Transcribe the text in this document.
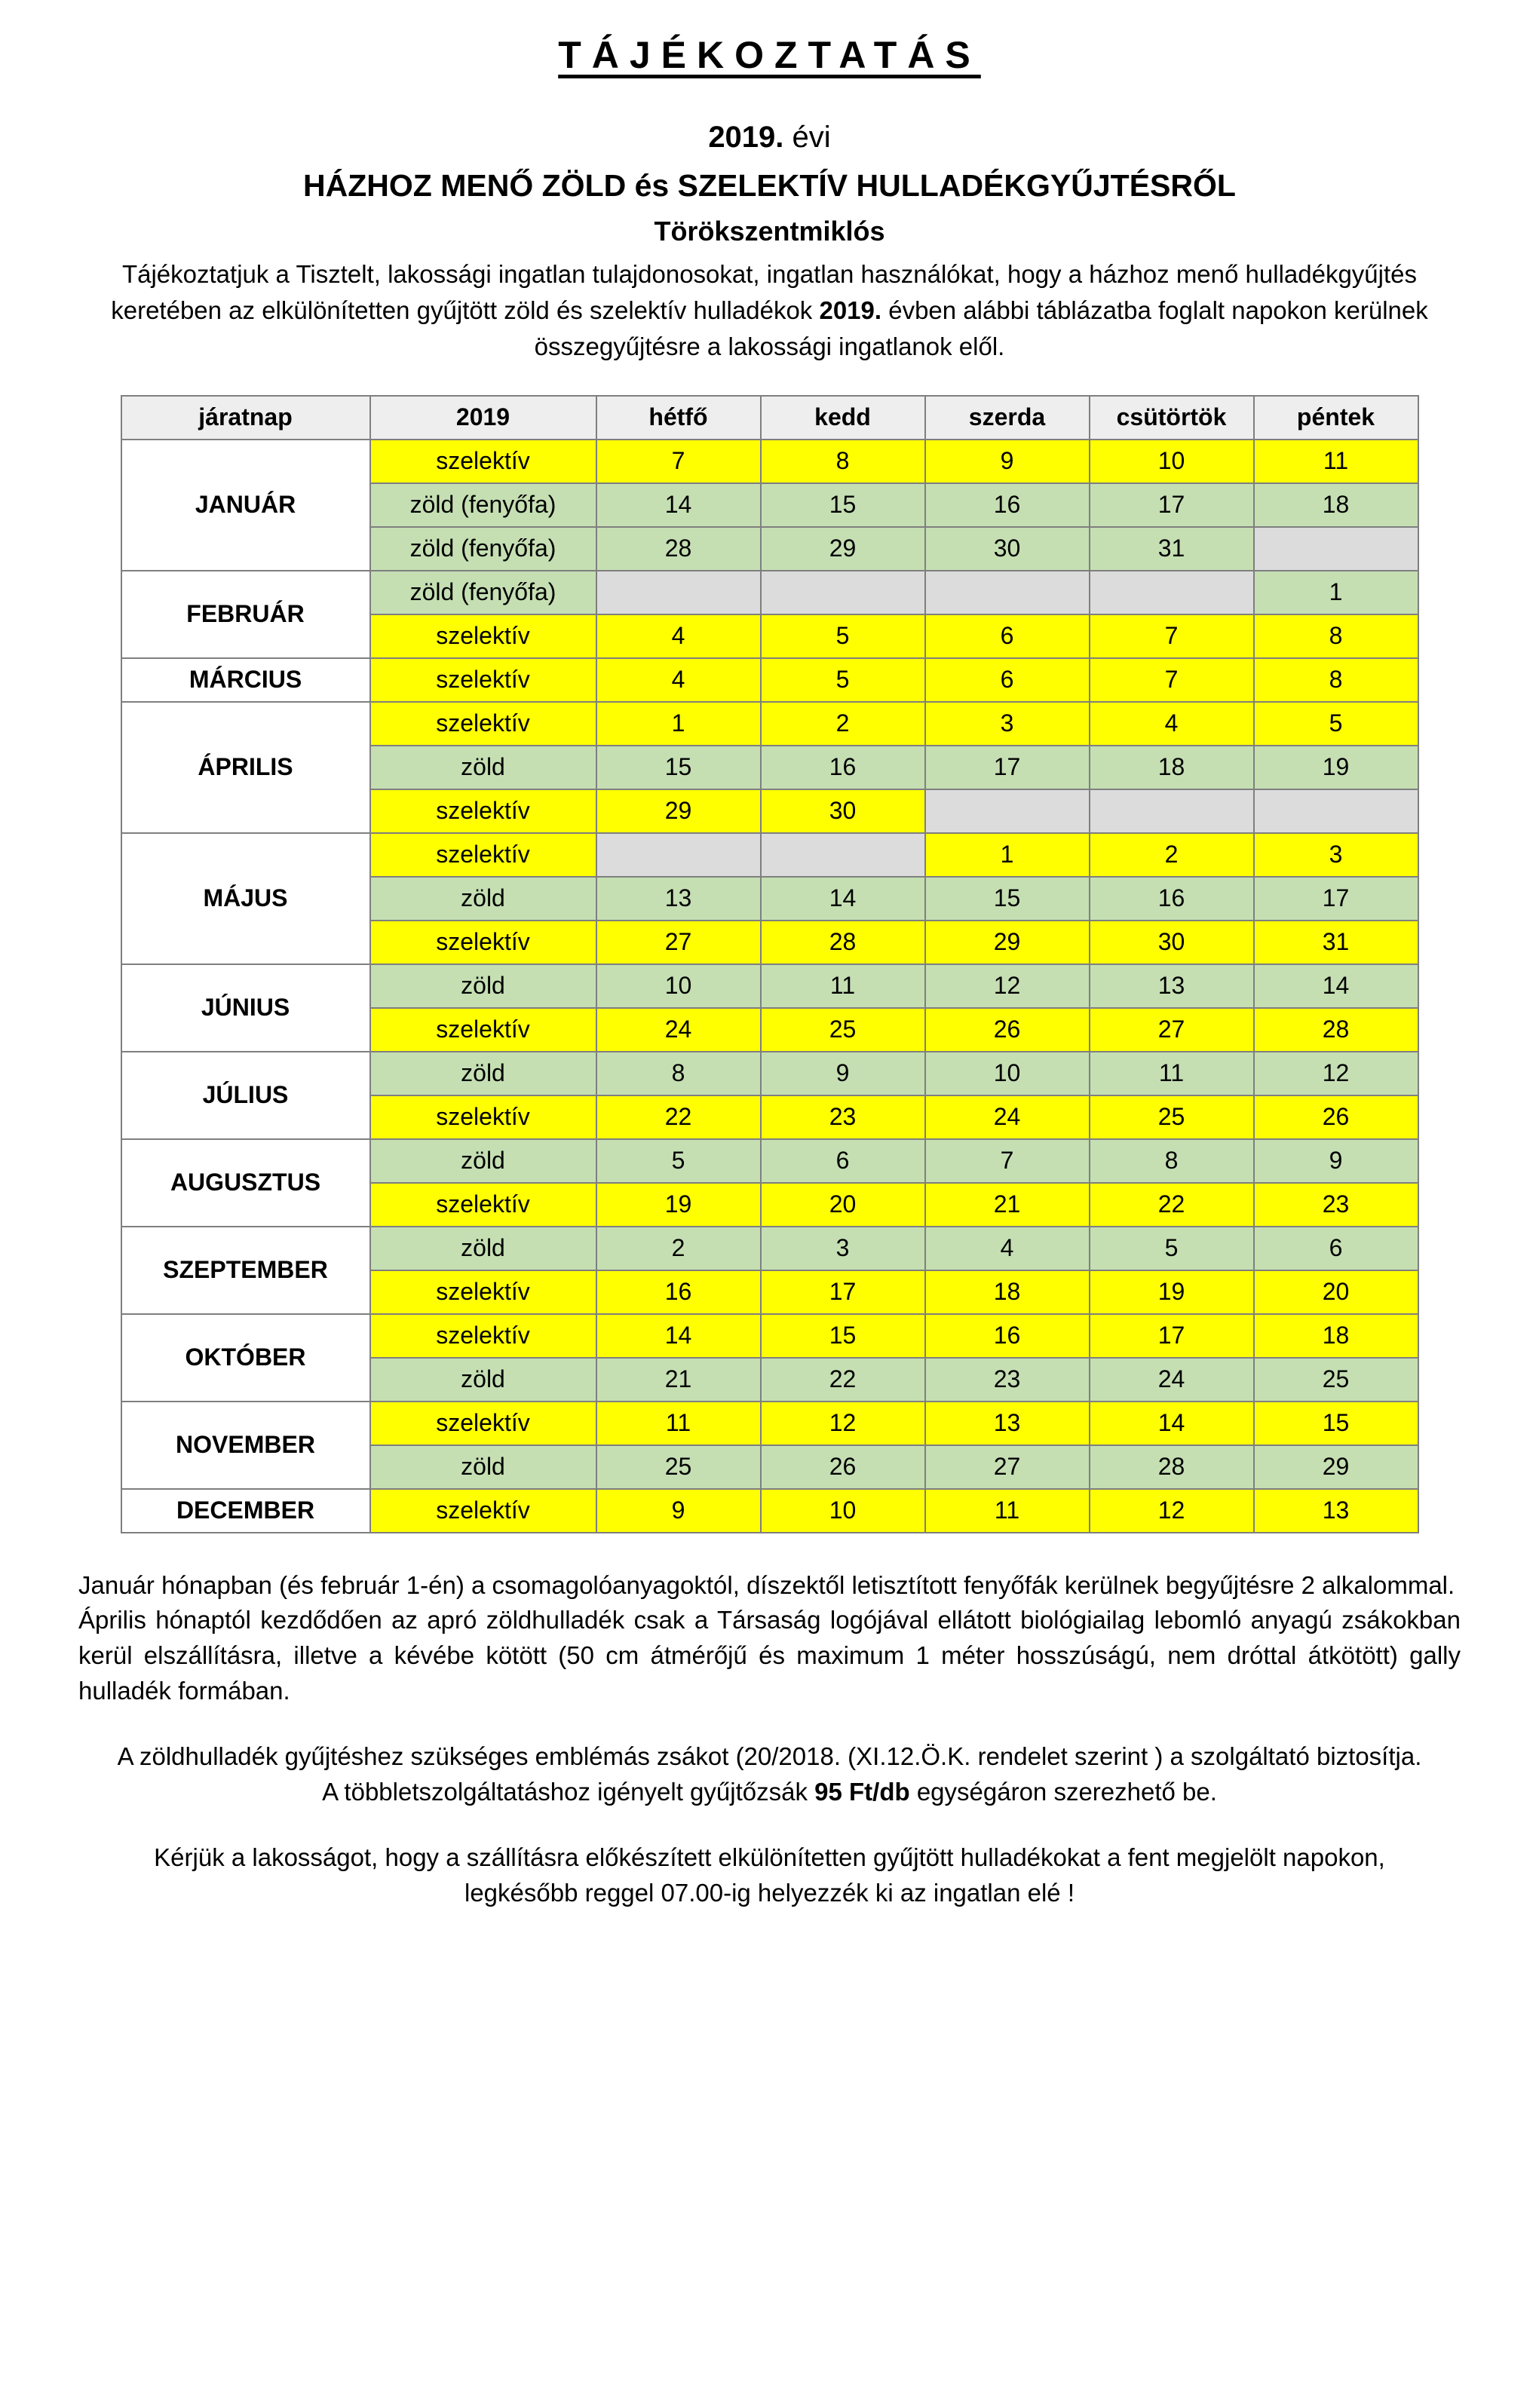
TÁJÉKOZTATÁS
2019. évi
HÁZHOZ MENŐ ZÖLD és SZELEKTÍV HULLADÉKGYŰJTÉSRŐL
Törökszentmiklós

Tájékoztatjuk a Tisztelt, lakossági ingatlan tulajdonosokat, ingatlan használókat, hogy a házhoz menő hulladékgyűjtés keretében az elkülönítetten gyűjtött zöld és szelektív hulladékok 2019. évben alábbi táblázatba foglalt napokon kerülnek összegyűjtésre a lakossági ingatlanok elől.

járatnap	2019	hétfő	kedd	szerda	csütörtök	péntek
JANUÁR	szelektív	7	8	9	10	11
	zöld (fenyőfa)	14	15	16	17	18
	zöld (fenyőfa)	28	29	30	31	
FEBRUÁR	zöld (fenyőfa)					1
	szelektív	4	5	6	7	8
MÁRCIUS	szelektív	4	5	6	7	8
ÁPRILIS	szelektív	1	2	3	4	5
	zöld	15	16	17	18	19
	szelektív	29	30			
MÁJUS	szelektív			1	2	3
	zöld	13	14	15	16	17
	szelektív	27	28	29	30	31
JÚNIUS	zöld	10	11	12	13	14
	szelektív	24	25	26	27	28
JÚLIUS	zöld	8	9	10	11	12
	szelektív	22	23	24	25	26
AUGUSZTUS	zöld	5	6	7	8	9
	szelektív	19	20	21	22	23
SZEPTEMBER	zöld	2	3	4	5	6
	szelektív	16	17	18	19	20
OKTÓBER	szelektív	14	15	16	17	18
	zöld	21	22	23	24	25
NOVEMBER	szelektív	11	12	13	14	15
	zöld	25	26	27	28	29
DECEMBER	szelektív	9	10	11	12	13

Január hónapban (és február 1-én) a csomagolóanyagoktól, díszektől letisztított fenyőfák kerülnek begyűjtésre 2 alkalommal.

Április hónaptól kezdődően az apró zöldhulladék csak a Társaság logójával ellátott biológiailag lebomló anyagú zsákokban kerül elszállításra, illetve a kévébe kötött (50 cm átmérőjű és maximum 1 méter hosszúságú, nem dróttal átkötött) gally hulladék formában.

A zöldhulladék gyűjtéshez szükséges emblémás zsákot (20/2018. (XI.12.Ö.K. rendelet szerint ) a szolgáltató biztosítja.

A többletszolgáltatáshoz igényelt gyűjtőzsák 95 Ft/db egységáron szerezhető be.

Kérjük a lakosságot, hogy a szállításra előkészített elkülönítetten gyűjtött hulladékokat a fent megjelölt napokon,

legkésőbb reggel 07.00-ig helyezzék ki az ingatlan elé !
